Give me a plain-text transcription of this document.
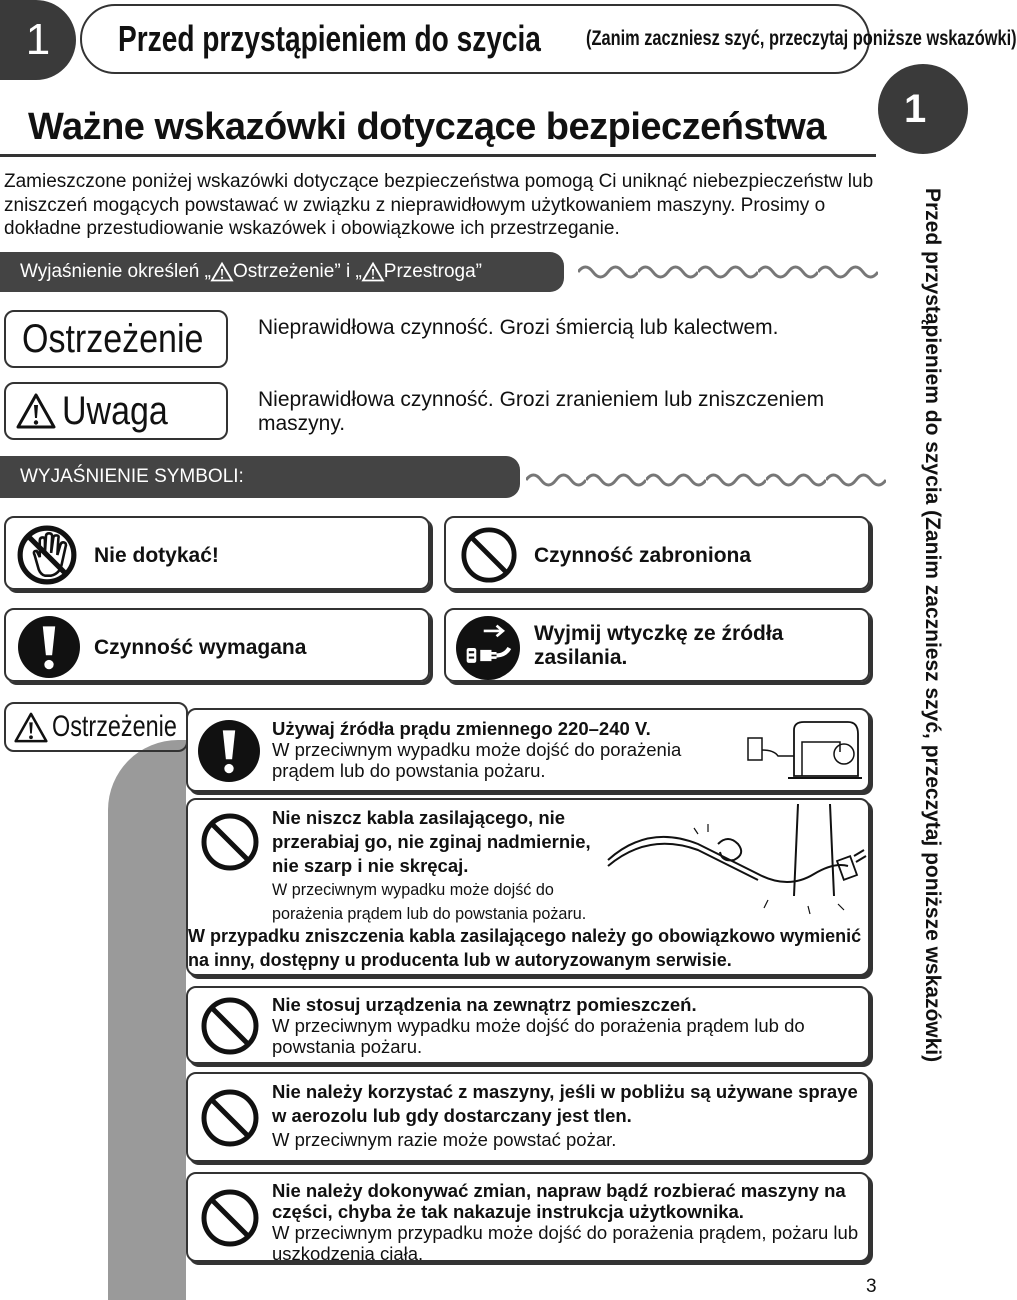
1 Przed przystąpieniem do szycia (Zanim zaczniesz szyć, przeczytaj poniższe wskazówki)
1
Przed przystąpieniem do szycia (Zanim zaczniesz szyć, przeczytaj poniższe wskazówki)
Ważne wskazówki dotyczące bezpieczeństwa
Zamieszczone poniżej wskazówki dotyczące bezpieczeństwa pomogą Ci uniknąć niebezpieczeństw lub zniszczeń mogących powstawać w związku z nieprawidłowym użytkowaniem maszyny. Prosimy o dokładne przestudiowanie wskazówek i obowiązkowe ich przestrzeganie.
Wyjaśnienie określeń „ Ostrzeżenie ” i „ Przestroga ”
Ostrzeżenie	Nieprawidłowa czynność. Grozi śmiercią lub kalectwem.
Uwaga	Nieprawidłowa czynność. Grozi zranieniem lub zniszczeniem maszyny.
WYJAŚNIENIE SYMBOLI:
Nie dotykać!	Czynność zabroniona
Czynność wymagana
Wyjmij wtyczkę ze źródła zasilania.
Ostrzeżenie	Używaj źródła prądu zmiennego 220–240 V.
W przeciwnym wypadku może dojść do porażenia prądem lub do powstania pożaru.
Nie niszcz kabla zasilającego, nie przerabiaj go, nie zginaj nadmiernie, nie szarp i nie skręcaj.
W przeciwnym wypadku może dojść do porażenia prądem lub do powstania pożaru.
W przypadku zniszczenia kabla zasilającego należy go obowiązkowo wymienić na inny, dostępny u producenta lub w autoryzowanym serwisie.
Nie stosuj urządzenia na zewnątrz pomieszczeń.
W przeciwnym wypadku może dojść do porażenia prądem lub do powstania pożaru.
Nie należy korzystać z maszyny, jeśli w pobliżu są używane spraye w aerozolu lub gdy dostarczany jest tlen.
W przeciwnym razie może powstać pożar.
Nie należy dokonywać zmian, napraw bądź rozbierać maszyny na części, chyba że tak nakazuje instrukcja użytkownika.
W przeciwnym przypadku może dojść do porażenia prądem, pożaru lub uszkodzenia ciała.
3
